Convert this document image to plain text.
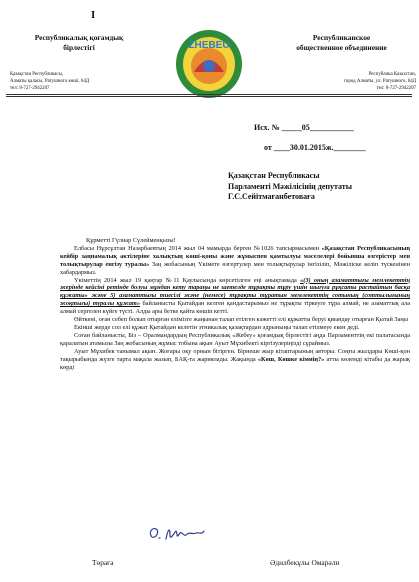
I
Республикалық қоғамдық
бірлестігі
Республиканское
общественное объединение
ZHEBEU
Қазақстан Республикасы,
Алматы қаласы, Ратушного көші, 64Д
тел: 8-727-2942207
Республика Казахстан,
город Алматы, ул. Ратушного, 64Д
тел: 8-727-2942207
Исх. № _____05___________
от ____30.01.2015ж.________
Қазақстан Республикасы
Парламенті Мәжілісінің депутаты
Г.С.Сейітмағанбетоваға

Құрметті Гүлнар Сүлейменқызы!

Елбасы Нұрсұлтан Назарбаевтың 2014 жыл 04 мамырда берген №1026 тапсырмасымен «Қазақстан Республикасының кейбір заңнамалық актілеріне халықтың көші-қоны және жұмыспен қамтылуы мәселелері бойынша өзгерістер мен толықтырулар енгізу туралы» Заң жобасының Үкімете өзгертулер мен толықтырулар інгізіліп, Мәжіліске келіп түскенінен хабардармыз.

Үкіметтің 2014 жыл 19 қаңтар №11 Қаулысында көрсетілген еңі анықтамада «(3) оның азаматтығы мемлекеттің жерінде кейсіні ретінде болуы мұндан кету тараңы не шетелде тұрақты тұру үшін шығуға рұқсаты растайтын басқа құжаты» және 5) азаматтығы тиесілі және (немесе) тұрақты тұратын мемлекеттің сотының (соттылығының жоқтығы) туралы құжат» байланысты Қытайдан келген қандастарымыз не тұрақты тіркеуге тұра алмай, не азаматтық ала алмай сергелен күйге түсті. Алды ары бетке қайта көшіп кетті.

Өйткені, оған себеп болып отырған елімізге жаңынан талап етілген кәжетті елі құжатты беруі қиындау отырған Қытай Заңы

Екінші жерде сол елі құжат Қытайдан келетін этникалық қазақтардан әдрыныңы талап етілмеуе екен деді.

Соған байланысты, Біз – Оралмандардың Республикалық «Жебеу» қоғамдық бірлестігі аңда Парламенттің екі палатасында қаралатын атамызы Заң жобасының жұмыс тобына ақын Ауыт Мұхибекті кіргізулеріңізді сұраймыз.

Ауыт Мұхибек танымал ақын. Жоғары оқу орнын бітірген. Бірнеше жыр кітаптарының авторы. Соңғы жылдары Көші-қон тақырыбында жүзге тарта мақала жазып, БАҚ-та жариялады. Жақында «Көш, Көшке кімнің?» атты көлемді кітабы да жарық көрді

Төраға	Әдилбекұлы Омарәли
